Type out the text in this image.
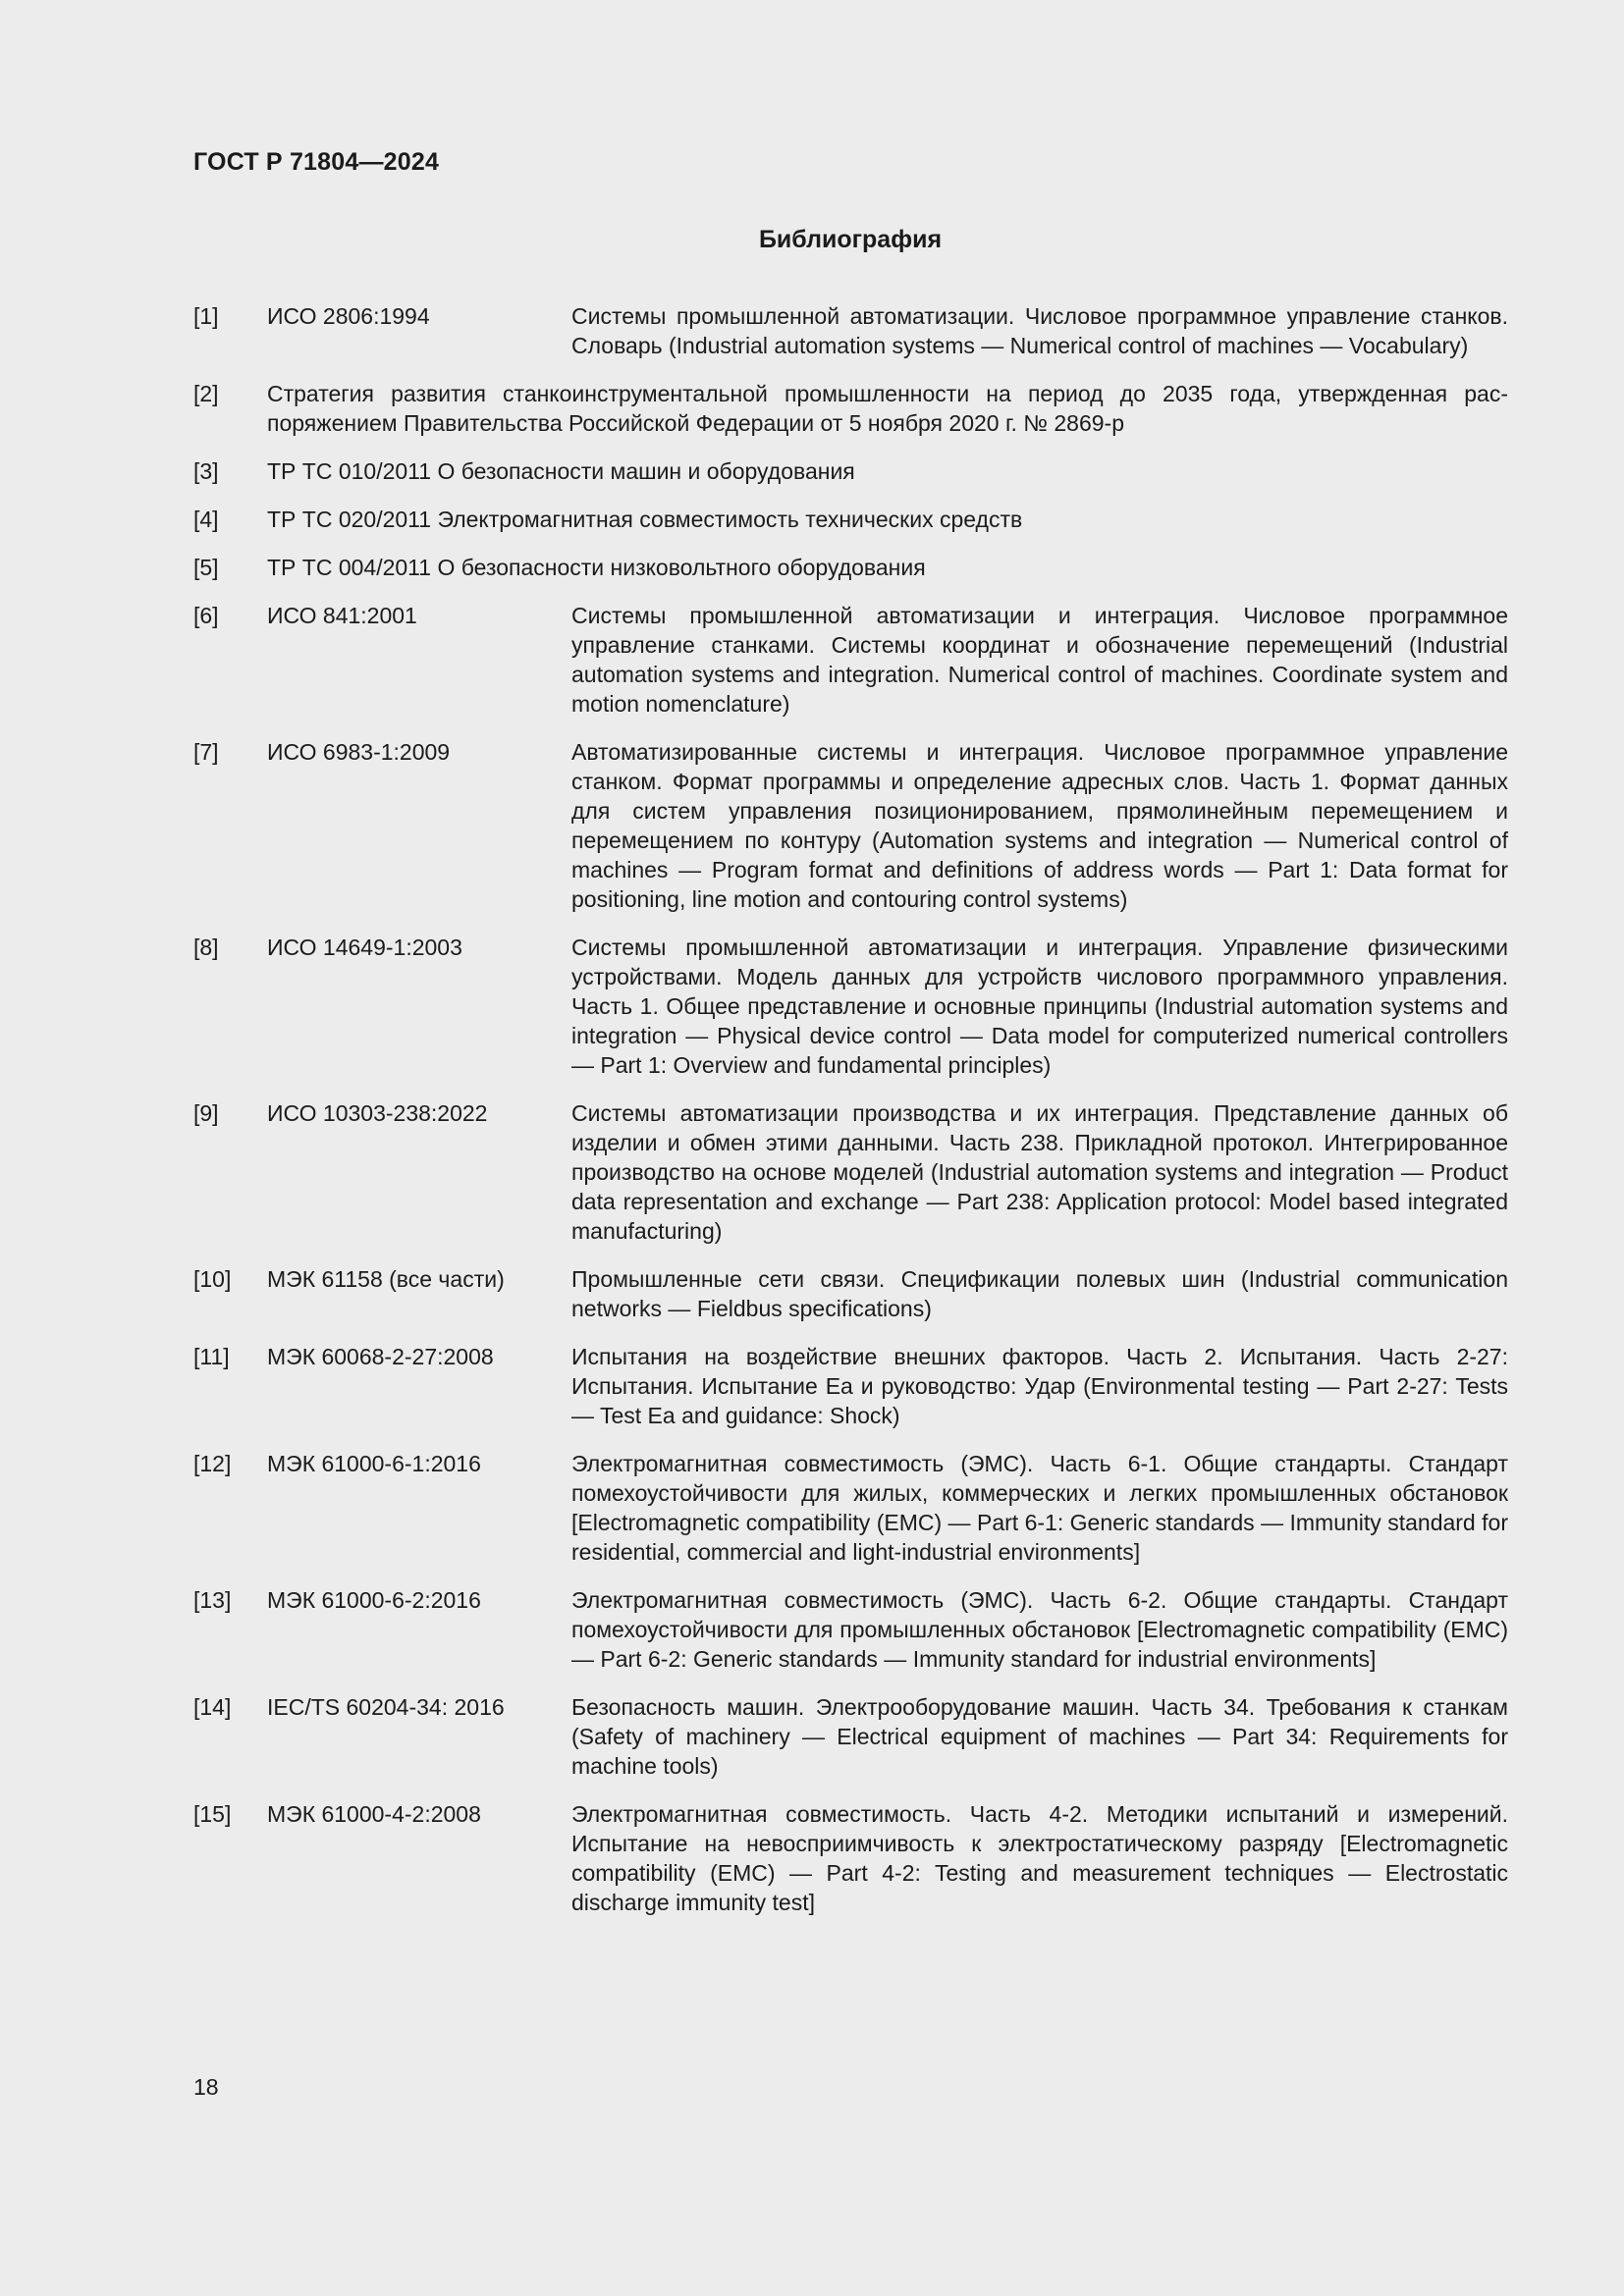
ГОСТ Р 71804—2024
Библиография
[1]	ИСО 2806:1994	Системы промышленной автоматизации. Числовое программное управление станков. Словарь (Industrial automation systems — Numerical control of machines — Vocabulary)
[2]	Стратегия развития станкоинструментальной промышленности на период до 2035 года, утвержденная распоряжением Правительства Российской Федерации от 5 ноября 2020 г. № 2869-р
[3]	ТР ТС 010/2011 О безопасности машин и оборудования
[4]	ТР ТС 020/2011 Электромагнитная совместимость технических средств
[5]	ТР ТС 004/2011 О безопасности низковольтного оборудования
[6]	ИСО 841:2001	Системы промышленной автоматизации и интеграция. Числовое программное управление станками. Системы координат и обозначение перемещений (Industrial automation systems and integration. Numerical control of machines. Coordinate system and motion nomenclature)
[7]	ИСО 6983-1:2009	Автоматизированные системы и интеграция. Числовое программное управление станком. Формат программы и определение адресных слов. Часть 1. Формат данных для систем управления позиционированием, прямолинейным перемещением и перемещением по контуру (Automation systems and integration — Numerical control of machines — Program format and definitions of address words — Part 1: Data format for positioning, line motion and contouring control systems)
[8]	ИСО 14649-1:2003	Системы промышленной автоматизации и интеграция. Управление физическими устройствами. Модель данных для устройств числового программного управления. Часть 1. Общее представление и основные принципы (Industrial automation systems and integration — Physical device control — Data model for computerized numerical controllers — Part 1: Overview and fundamental principles)
[9]	ИСО 10303-238:2022	Системы автоматизации производства и их интеграция. Представление данных об изделии и обмен этими данными. Часть 238. Прикладной протокол. Интегрированное производство на основе моделей (Industrial automation systems and integration — Product data representation and exchange — Part 238: Application protocol: Model based integrated manufacturing)
[10]	МЭК 61158 (все части)	Промышленные сети связи. Спецификации полевых шин (Industrial communication networks — Fieldbus specifications)
[11]	МЭК 60068-2-27:2008	Испытания на воздействие внешних факторов. Часть 2. Испытания. Часть 2-27: Испытания. Испытание Ea и руководство: Удар (Environmental testing — Part 2-27: Tests — Test Ea and guidance: Shock)
[12]	МЭК 61000-6-1:2016	Электромагнитная совместимость (ЭМС). Часть 6-1. Общие стандарты. Стандарт помехоустойчивости для жилых, коммерческих и легких промышленных обстановок [Electromagnetic compatibility (EMC) — Part 6-1: Generic standards — Immunity standard for residential, commercial and light-industrial environments]
[13]	МЭК 61000-6-2:2016	Электромагнитная совместимость (ЭМС). Часть 6-2. Общие стандарты. Стандарт помехоустойчивости для промышленных обстановок [Electromagnetic compatibility (EMC) — Part 6-2: Generic standards — Immunity standard for industrial environments]
[14]	IEC/TS 60204-34: 2016	Безопасность машин. Электрооборудование машин. Часть 34. Требования к станкам (Safety of machinery — Electrical equipment of machines — Part 34: Requirements for machine tools)
[15]	МЭК 61000-4-2:2008	Электромагнитная совместимость. Часть 4-2. Методики испытаний и измерений. Испытание на невосприимчивость к электростатическому разряду [Electromagnetic compatibility (EMC) — Part 4-2: Testing and measurement techniques — Electrostatic discharge immunity test]
18
